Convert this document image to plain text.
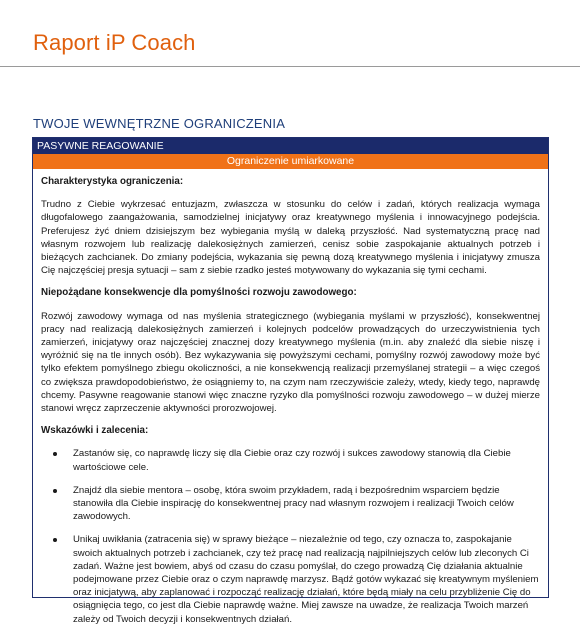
Raport iP Coach
TWOJE WEWNĘTRZNE OGRANICZENIA
PASYWNE REAGOWANIE
Ograniczenie umiarkowane
Charakterystyka ograniczenia:

Trudno z Ciebie wykrzesać entuzjazm, zwłaszcza w stosunku do celów i zadań, których realizacja wymaga długofalowego zaangażowania, samodzielnej inicjatywy oraz kreatywnego myślenia i innowacyjnego podejścia. Preferujesz żyć dniem dzisiejszym bez wybiegania myślą w daleką przyszłość. Nad systematyczną pracę nad własnym rozwojem lub realizację dalekosiężnych zamierzeń, cenisz sobie zaspokajanie aktualnych potrzeb i bieżących zachcianek. Do zmiany podejścia, wykazania się pewną dozą kreatywnego myślenia i inicjatywy zmusza Cię najczęściej presja sytuacji – sam z siebie rzadko jesteś motywowany do wykazania się tymi cechami.

Niepożądane konsekwencje dla pomyślności rozwoju zawodowego:

Rozwój zawodowy wymaga od nas myślenia strategicznego (wybiegania myślami w przyszłość), konsekwentnej pracy nad realizacją dalekosiężnych zamierzeń i kolejnych podcelów prowadzących do urzeczywistnienia tych zamierzeń, inicjatywy oraz najczęściej znacznej dozy kreatywnego myślenia (m.in. aby znaleźć dla siebie niszę i wyróżnić się na tle innych osób). Bez wykazywania się powyższymi cechami, pomyślny rozwój zawodowy może być tylko efektem pomyślnego zbiegu okoliczności, a nie konsekwencją realizacji przemyślanej strategii – a więc czegoś co zwiększa prawdopodobieństwo, że osiągniemy to, na czym nam rzeczywiście zależy, wtedy, kiedy tego, naprawdę chcemy. Pasywne reagowanie stanowi więc znaczne ryzyko dla pomyślności rozwoju zawodowego – w dużej mierze stanowi wręcz zaprzeczenie aktywności prorozwojowej.

Wskazówki i zalecenia:
Zastanów się, co naprawdę liczy się dla Ciebie oraz czy rozwój i sukces zawodowy stanowią dla Ciebie wartościowe cele.
Znajdź dla siebie mentora – osobę, która swoim przykładem, radą i bezpośrednim wsparciem będzie stanowiła dla Ciebie inspirację do konsekwentnej pracy nad własnym rozwojem i realizacji Twoich celów zawodowych.
Unikaj uwikłania (zatracenia się) w sprawy bieżące – niezależnie od tego, czy oznacza to, zaspokajanie swoich aktualnych potrzeb i zachcianek, czy też pracę nad realizacją najpilniejszych celów lub zleconych Ci zadań. Ważne jest bowiem, abyś od czasu do czasu pomyślał, do czego prowadzą Cię działania aktualnie podejmowane przez Ciebie oraz o czym naprawdę marzysz. Bądź gotów wykazać się kreatywnym myśleniem oraz inicjatywą, aby zaplanować i rozpocząć realizację działań, które będą miały na celu przybliżenie Cię do osiągnięcia tego, co jest dla Ciebie naprawdę ważne. Miej zawsze na uwadze, że realizacja Twoich marzeń zależy od Twoich decyzji i konsekwentnych działań.
